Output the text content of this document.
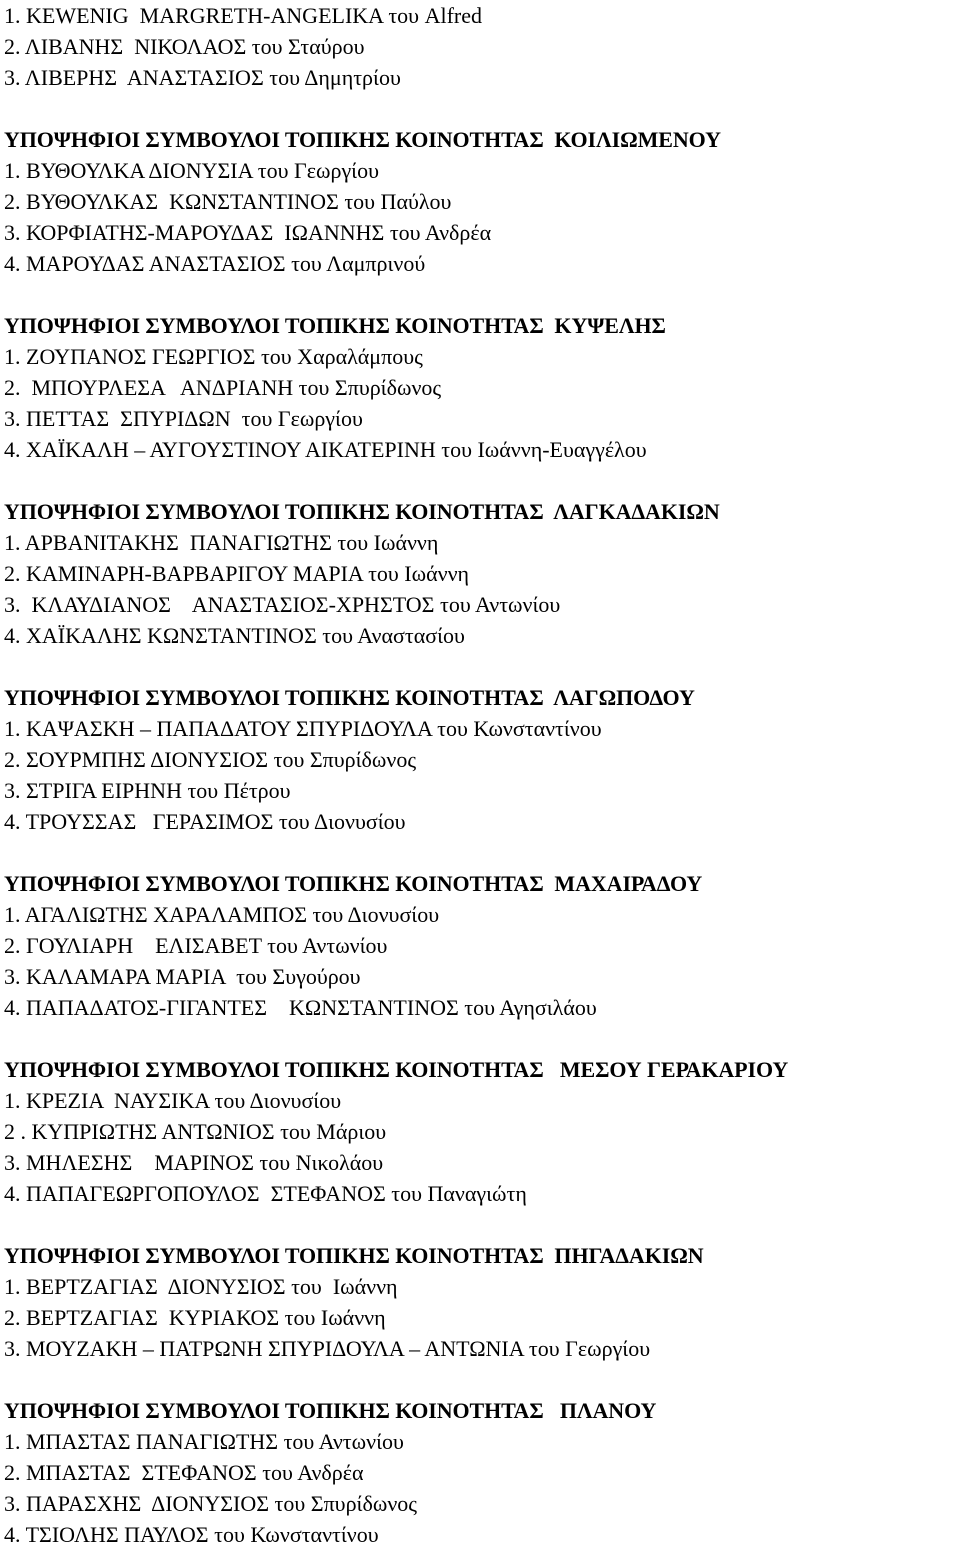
1. KEWENIG  MARGRETH-ANGELIKA του Alfred
2. ΛΙΒΑΝΗΣ  ΝΙΚΟΛΑΟΣ του Σταύρου
3. ΛΙΒΕΡΗΣ  ΑΝΑΣΤΑΣΙΟΣ του Δημητρίου
ΥΠΟΨΗΦΙΟΙ ΣΥΜΒΟΥΛΟΙ ΤΟΠΙΚΗΣ ΚΟΙΝΟΤΗΤΑΣ  ΚΟΙΛΙΩΜΕΝΟΥ
1. ΒΥΘΟΥΛΚΑ ΔΙΟΝΥΣΙΑ του Γεωργίου
2. ΒΥΘΟΥΛΚΑΣ  ΚΩΝΣΤΑΝΤΙΝΟΣ του Παύλου
3. ΚΟΡΦΙΑΤΗΣ-ΜΑΡΟΥΔΑΣ  ΙΩΑΝΝΗΣ του Ανδρέα
4. ΜΑΡΟΥΔΑΣ ΑΝΑΣΤΑΣΙΟΣ του Λαμπρινού
ΥΠΟΨΗΦΙΟΙ ΣΥΜΒΟΥΛΟΙ ΤΟΠΙΚΗΣ ΚΟΙΝΟΤΗΤΑΣ  ΚΥΨΕΛΗΣ
1. ΖΟΥΠΑΝΟΣ ΓΕΩΡΓΙΟΣ του Χαραλάμπους
2.  ΜΠΟΥΡΛΕΣΑ   ΑΝΔΡΙΑΝΗ του Σπυρίδωνος
3. ΠΕΤΤΑΣ  ΣΠΥΡΙΔΩΝ  του Γεωργίου
4. ΧΑΪΚΑΛΗ – ΑΥΓΟΥΣΤΙΝΟΥ ΑΙΚΑΤΕΡΙΝΗ του Ιωάννη-Ευαγγέλου
ΥΠΟΨΗΦΙΟΙ ΣΥΜΒΟΥΛΟΙ ΤΟΠΙΚΗΣ ΚΟΙΝΟΤΗΤΑΣ  ΛΑΓΚΑΔΑΚΙΩΝ
1. ΑΡΒΑΝΙΤΑΚΗΣ  ΠΑΝΑΓΙΩΤΗΣ του Ιωάννη
2. ΚΑΜΙΝΑΡΗ-ΒΑΡΒΑΡΙΓΟΥ ΜΑΡΙΑ του Ιωάννη
3.  ΚΛΑΥΔΙΑΝΟΣ    ΑΝΑΣΤΑΣΙΟΣ-ΧΡΗΣΤΟΣ του Αντωνίου
4. ΧΑΪΚΑΛΗΣ ΚΩΝΣΤΑΝΤΙΝΟΣ του Αναστασίου
ΥΠΟΨΗΦΙΟΙ ΣΥΜΒΟΥΛΟΙ ΤΟΠΙΚΗΣ ΚΟΙΝΟΤΗΤΑΣ  ΛΑΓΩΠΟΔΟΥ
1. ΚΑΨΑΣΚΗ – ΠΑΠΑΔΑΤΟΥ ΣΠΥΡΙΔΟΥΛΑ του Κωνσταντίνου
2. ΣΟΥΡΜΠΗΣ ΔΙΟΝΥΣΙΟΣ του Σπυρίδωνος
3. ΣΤΡΙΓΑ ΕΙΡΗΝΗ του Πέτρου
4. ΤΡΟΥΣΣΑΣ   ΓΕΡΑΣΙΜΟΣ του Διονυσίου
ΥΠΟΨΗΦΙΟΙ ΣΥΜΒΟΥΛΟΙ ΤΟΠΙΚΗΣ ΚΟΙΝΟΤΗΤΑΣ  ΜΑΧΑΙΡΑΔΟΥ
1. ΑΓΑΛΙΩΤΗΣ ΧΑΡΑΛΑΜΠΟΣ του Διονυσίου
2. ΓΟΥΛΙΑΡΗ    ΕΛΙΣΑΒΕΤ του Αντωνίου
3. ΚΑΛΑΜΑΡΑ ΜΑΡΙΑ  του Συγούρου
4. ΠΑΠΑΔΑΤΟΣ-ΓΙΓΑΝΤΕΣ    ΚΩΝΣΤΑΝΤΙΝΟΣ του Αγησιλάου
ΥΠΟΨΗΦΙΟΙ ΣΥΜΒΟΥΛΟΙ ΤΟΠΙΚΗΣ ΚΟΙΝΟΤΗΤΑΣ   ΜΕΣΟΥ ΓΕΡΑΚΑΡΙΟΥ
1. ΚΡΕΖΙΑ  ΝΑΥΣΙΚΑ του Διονυσίου
2 . ΚΥΠΡΙΩΤΗΣ ΑΝΤΩΝΙΟΣ του Μάριου
3. ΜΗΛΕΣΗΣ    ΜΑΡΙΝΟΣ του Νικολάου
4. ΠΑΠΑΓΕΩΡΓΟΠΟΥΛΟΣ  ΣΤΕΦΑΝΟΣ του Παναγιώτη
ΥΠΟΨΗΦΙΟΙ ΣΥΜΒΟΥΛΟΙ ΤΟΠΙΚΗΣ ΚΟΙΝΟΤΗΤΑΣ  ΠΗΓΑΔΑΚΙΩΝ
1. ΒΕΡΤΖΑΓΙΑΣ  ΔΙΟΝΥΣΙΟΣ του  Ιωάννη
2. ΒΕΡΤΖΑΓΙΑΣ  ΚΥΡΙΑΚΟΣ του Ιωάννη
3. ΜΟΥΖΑΚΗ – ΠΑΤΡΩΝΗ ΣΠΥΡΙΔΟΥΛΑ – ΑΝΤΩΝΙΑ του Γεωργίου
ΥΠΟΨΗΦΙΟΙ ΣΥΜΒΟΥΛΟΙ ΤΟΠΙΚΗΣ ΚΟΙΝΟΤΗΤΑΣ   ΠΛΑΝΟΥ
1. ΜΠΑΣΤΑΣ ΠΑΝΑΓΙΩΤΗΣ του Αντωνίου
2. ΜΠΑΣΤΑΣ  ΣΤΕΦΑΝΟΣ του Ανδρέα
3. ΠΑΡΑΣΧΗΣ  ΔΙΟΝΥΣΙΟΣ του Σπυρίδωνος
4. ΤΣΙΟΛΗΣ ΠΑΥΛΟΣ του Κωνσταντίνου
